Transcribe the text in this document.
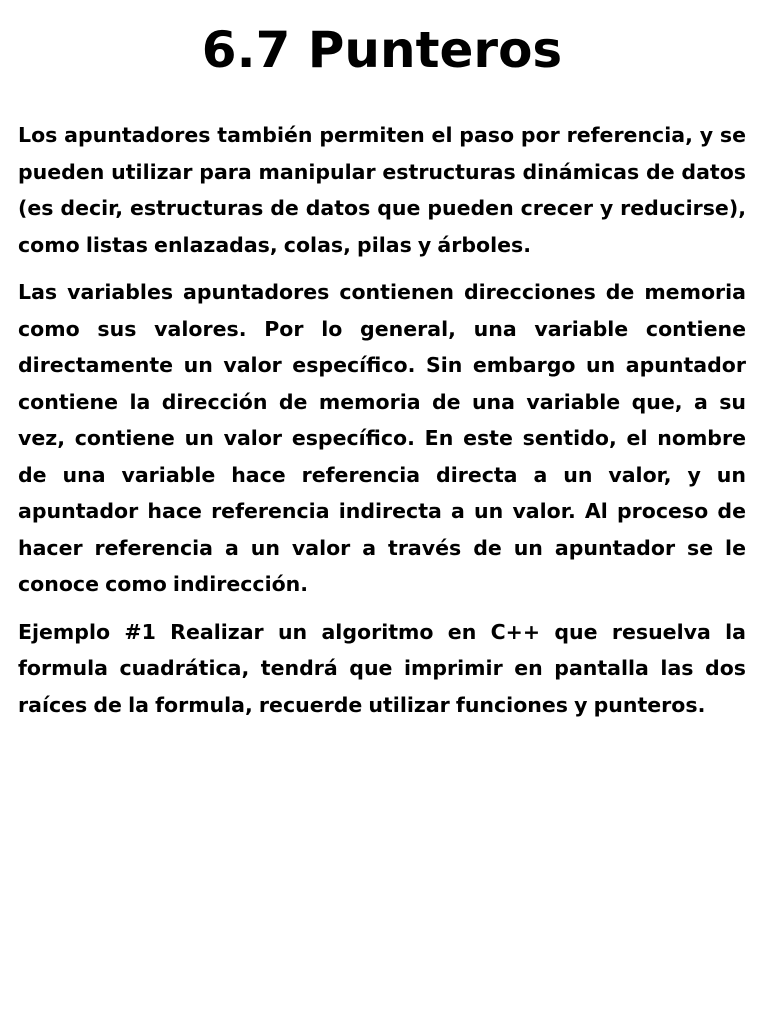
6.7 Punteros

Los apuntadores también permiten el paso por referencia, y se pueden utilizar para manipular estructuras dinámicas de datos (es decir, estructuras de datos que pueden crecer y reducirse), como listas enlazadas, colas, pilas y árboles.

Las variables apuntadores contienen direcciones de memoria como sus valores. Por lo general, una variable contiene directamente un valor específico. Sin embargo un apuntador contiene la dirección de memoria de una variable que, a su vez, contiene un valor específico. En este sentido, el nombre de una variable hace referencia directa a un valor, y un apuntador hace referencia indirecta a un valor. Al proceso de hacer referencia a un valor a través de un apuntador se le conoce como indirección.

Ejemplo #1 Realizar un algoritmo en C++ que resuelva la formula cuadrática, tendrá que imprimir en pantalla las dos raíces de la formula, recuerde utilizar funciones y punteros.
